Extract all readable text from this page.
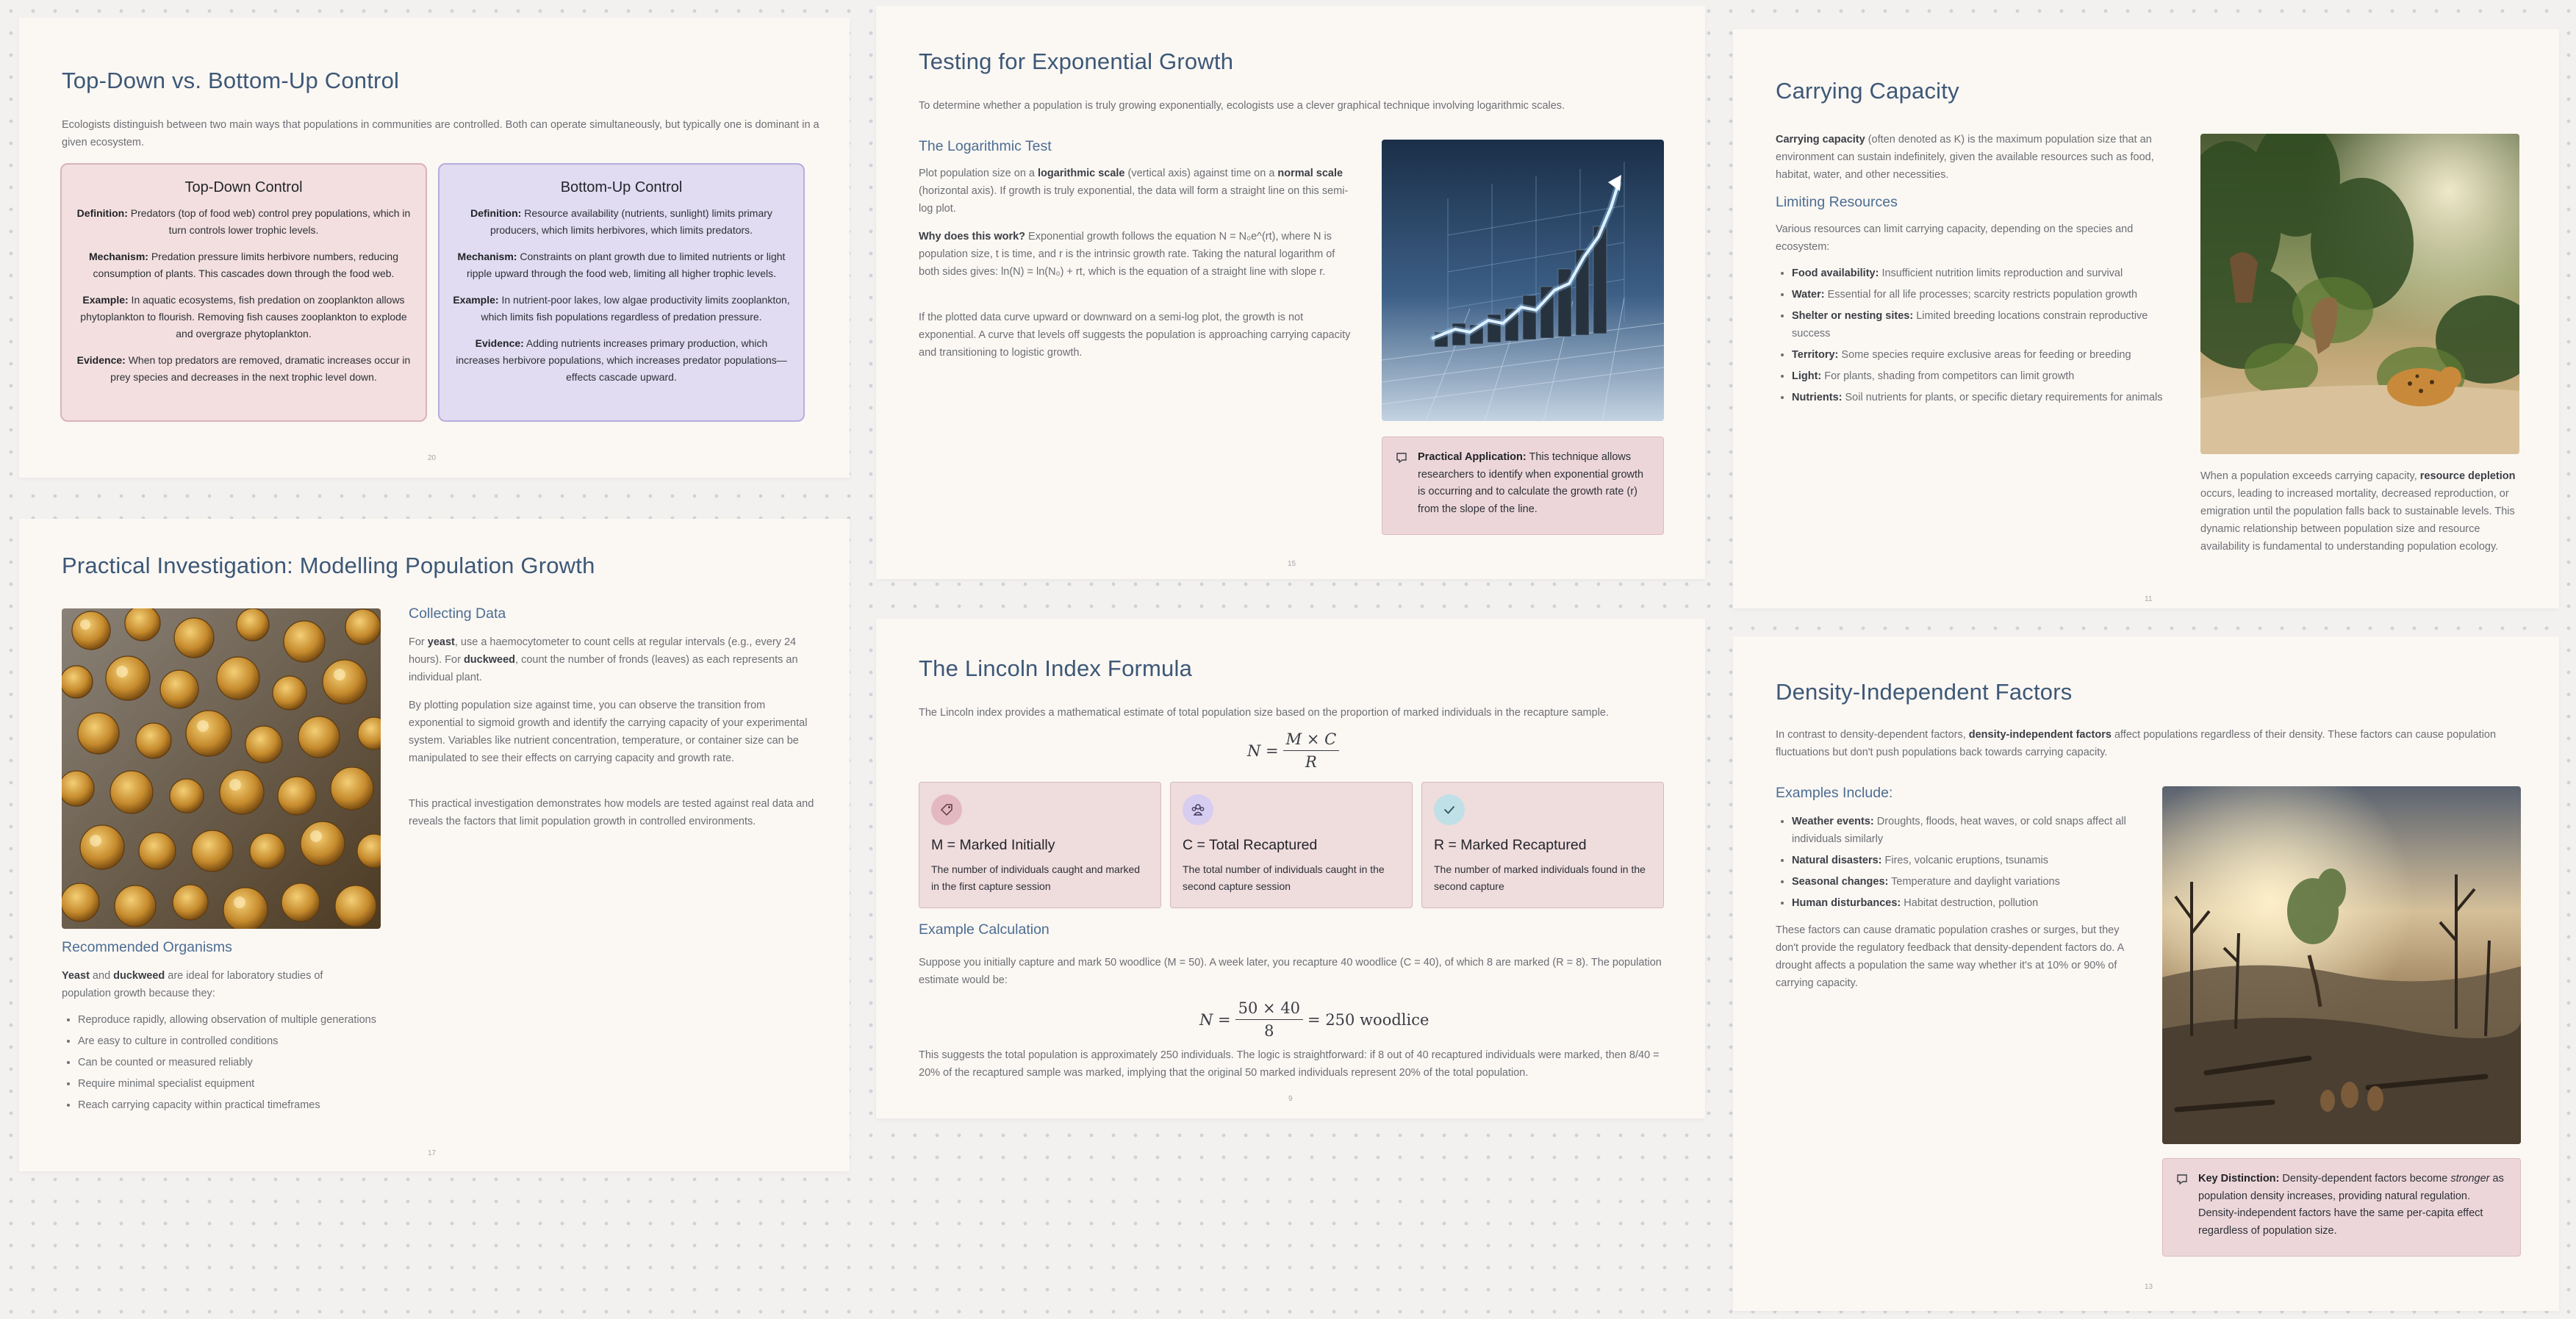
Top-Down vs. Bottom-Up Control

Ecologists distinguish between two main ways that populations in communities are controlled. Both can operate simultaneously, but typically one is dominant in a given ecosystem.

Top-Down Control

Definition: Predators (top of food web) control prey populations, which in turn controls lower trophic levels.

Mechanism: Predation pressure limits herbivore numbers, reducing consumption of plants. This cascades down through the food web.

Example: In aquatic ecosystems, fish predation on zooplankton allows phytoplankton to flourish. Removing fish causes zooplankton to explode and overgraze phytoplankton.

Evidence: When top predators are removed, dramatic increases occur in prey species and decreases in the next trophic level down.

Bottom-Up Control

Definition: Resource availability (nutrients, sunlight) limits primary producers, which limits herbivores, which limits predators.

Mechanism: Constraints on plant growth due to limited nutrients or light ripple upward through the food web, limiting all higher trophic levels.

Example: In nutrient-poor lakes, low algae productivity limits zooplankton, which limits fish populations regardless of predation pressure.

Evidence: Adding nutrients increases primary production, which increases herbivore populations, which increases predator populations—effects cascade upward.

20
Testing for Exponential Growth

To determine whether a population is truly growing exponentially, ecologists use a clever graphical technique involving logarithmic scales.

The Logarithmic Test

Plot population size on a logarithmic scale (vertical axis) against time on a normal scale (horizontal axis). If growth is truly exponential, the data will form a straight line on this semi-log plot.

Why does this work? Exponential growth follows the equation N = N₀e^(rt), where N is population size, t is time, and r is the intrinsic growth rate. Taking the natural logarithm of both sides gives: ln(N) = ln(N₀) + rt, which is the equation of a straight line with slope r.

If the plotted data curve upward or downward on a semi-log plot, the growth is not exponential. A curve that levels off suggests the population is approaching carrying capacity and transitioning to logistic growth.

Practical Application: This technique allows researchers to identify when exponential growth is occurring and to calculate the growth rate (r) from the slope of the line.
15
Carrying Capacity

Carrying capacity (often denoted as K) is the maximum population size that an environment can sustain indefinitely, given the available resources such as food, habitat, water, and other necessities.

Limiting Resources

Various resources can limit carrying capacity, depending on the species and ecosystem:

• Food availability: Insufficient nutrition limits reproduction and survival
• Water: Essential for all life processes; scarcity restricts population growth
• Shelter or nesting sites: Limited breeding locations constrain reproductive success
• Territory: Some species require exclusive areas for feeding or breeding
• Light: For plants, shading from competitors can limit growth
• Nutrients: Soil nutrients for plants, or specific dietary requirements for animals

When a population exceeds carrying capacity, resource depletion occurs, leading to increased mortality, decreased reproduction, or emigration until the population falls back to sustainable levels. This dynamic relationship between population size and resource availability is fundamental to understanding population ecology.

11
Practical Investigation: Modelling Population Growth
Collecting Data

For yeast, use a haemocytometer to count cells at regular intervals (e.g., every 24 hours). For duckweed, count the number of fronds (leaves) as each represents an individual plant.

By plotting population size against time, you can observe the transition from exponential to sigmoid growth and identify the carrying capacity of your experimental system. Variables like nutrient concentration, temperature, or container size can be manipulated to see their effects on carrying capacity and growth rate.

This practical investigation demonstrates how models are tested against real data and reveals the factors that limit population growth in controlled environments.

Recommended Organisms

Yeast and duckweed are ideal for laboratory studies of population growth because they:

• Reproduce rapidly, allowing observation of multiple generations
• Are easy to culture in controlled conditions
• Can be counted or measured reliably
• Require minimal specialist equipment
• Reach carrying capacity within practical timeframes
17
The Lincoln Index Formula

The Lincoln index provides a mathematical estimate of total population size based on the proportion of marked individuals in the recapture sample.

$N = \frac{M \times C}{R}$
M = Marked Initially

The number of individuals caught and marked in the first capture session

C = Total Recaptured

The total number of individuals caught in the second capture session

R = Marked Recaptured

The number of marked individuals found in the second capture

Example Calculation

Suppose you initially capture and mark 50 woodlice (M = 50). A week later, you recapture 40 woodlice (C = 40), of which 8 are marked (R = 8). The population estimate would be:

$N = \frac{50 \times 40}{8} = 250$ woodlice

This suggests the total population is approximately 250 individuals. The logic is straightforward: if 8 out of 40 recaptured individuals were marked, then 8/40 = 20% of the recaptured sample was marked, implying that the original 50 marked individuals represent 20% of the total population.

9
Density-Independent Factors

In contrast to density-dependent factors, density-independent factors affect populations regardless of their density. These factors can cause population fluctuations but don't push populations back towards carrying capacity.

Examples Include:
• Weather events: Droughts, floods, heat waves, or cold snaps affect all individuals similarly
• Natural disasters: Fires, volcanic eruptions, tsunamis
• Seasonal changes: Temperature and daylight variations
• Human disturbances: Habitat destruction, pollution

These factors can cause dramatic population crashes or surges, but they don't provide the regulatory feedback that density-dependent factors do. A drought affects a population the same way whether it's at 10% or 90% of carrying capacity.

Key Distinction: Density-dependent factors become stronger as population density increases, providing natural regulation. Density-independent factors have the same per-capita effect regardless of population size.
13
